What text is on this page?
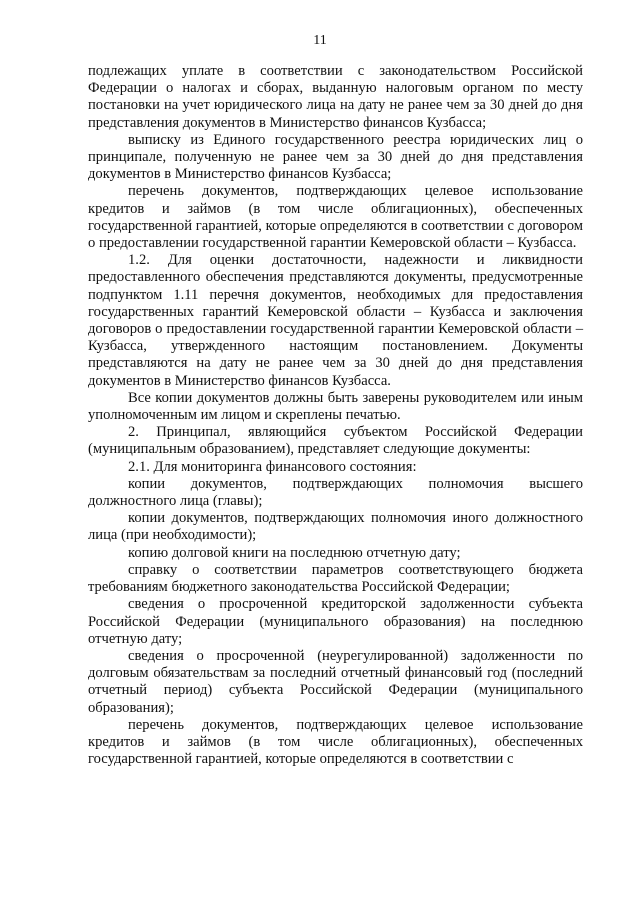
11

подлежащих уплате в соответствии с законодательством Российской Федерации о налогах и сборах, выданную налоговым органом по месту постановки на учет юридического лица на дату не ранее чем за 30 дней до дня представления документов в Министерство финансов Кузбасса;

выписку из Единого государственного реестра юридических лиц о принципале, полученную не ранее чем за 30 дней до дня представления документов в Министерство финансов Кузбасса;

перечень документов, подтверждающих целевое использование кредитов и займов (в том числе облигационных), обеспеченных государственной гарантией, которые определяются в соответствии с договором о предоставлении государственной гарантии Кемеровской области – Кузбасса.

1.2. Для оценки достаточности, надежности и ликвидности предоставленного обеспечения представляются документы, предусмотренные подпунктом 1.11 перечня документов, необходимых для предоставления государственных гарантий Кемеровской области – Кузбасса и заключения договоров о предоставлении государственной гарантии Кемеровской области – Кузбасса, утвержденного настоящим постановлением. Документы представляются на дату не ранее чем за 30 дней до дня представления документов в Министерство финансов Кузбасса.

Все копии документов должны быть заверены руководителем или иным уполномоченным им лицом и скреплены печатью.

2. Принципал, являющийся субъектом Российской Федерации (муниципальным образованием), представляет следующие документы:

2.1. Для мониторинга финансового состояния:

копии документов, подтверждающих полномочия высшего должностного лица (главы);

копии документов, подтверждающих полномочия иного должностного лица (при необходимости);

копию долговой книги на последнюю отчетную дату;

справку о соответствии параметров соответствующего бюджета требованиям бюджетного законодательства Российской Федерации;

сведения о просроченной кредиторской задолженности субъекта Российской Федерации (муниципального образования) на последнюю отчетную дату;

сведения о просроченной (неурегулированной) задолженности по долговым обязательствам за последний отчетный финансовый год (последний отчетный период) субъекта Российской Федерации (муниципального образования);

перечень документов, подтверждающих целевое использование кредитов и займов (в том числе облигационных), обеспеченных государственной гарантией, которые определяются в соответствии с
